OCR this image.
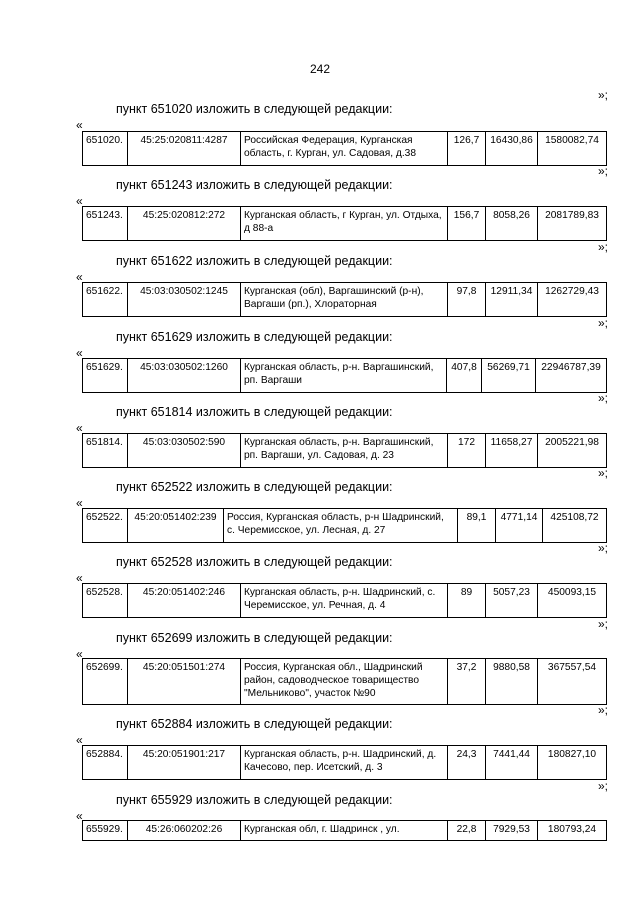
242
»;
пункт 651020 изложить в следующей редакции:
«
651020.	45:25:020811:4287	Российская Федерация, Курганская область, г. Курган, ул. Садовая, д.38	126,7	16430,86	1580082,74
»;
пункт 651243 изложить в следующей редакции:
«
651243.	45:25:020812:272	Курганская область, г Курган, ул. Отдыха, д 88-а	156,7	8058,26	2081789,83
»;
пункт 651622 изложить в следующей редакции:
«
651622.	45:03:030502:1245	Курганская (обл), Варгашинский (р-н), Варгаши (рп.), Хлораторная	97,8	12911,34	1262729,43
»;
пункт 651629 изложить в следующей редакции:
«
651629.	45:03:030502:1260	Курганская область, р-н. Варгашинский, рп. Варгаши	407,8	56269,71	22946787,39
»;
пункт 651814 изложить в следующей редакции:
«
651814.	45:03:030502:590	Курганская область, р-н. Варгашинский, рп. Варгаши, ул. Садовая, д. 23	172	11658,27	2005221,98
»;
пункт 652522 изложить в следующей редакции:
«
652522.	45:20:051402:239	Россия, Курганская область, р-н Шадринский, с. Черемисское, ул. Лесная, д. 27	89,1	4771,14	425108,72
»;
пункт 652528 изложить в следующей редакции:
«
652528.	45:20:051402:246	Курганская область, р-н. Шадринский, с. Черемисское, ул. Речная, д. 4	89	5057,23	450093,15
»;
пункт 652699 изложить в следующей редакции:
«
652699.	45:20:051501:274	Россия, Курганская обл., Шадринский район, садоводческое товарищество "Мельниково", участок №90	37,2	9880,58	367557,54
»;
пункт 652884 изложить в следующей редакции:
«
652884.	45:20:051901:217	Курганская область, р-н. Шадринский, д. Качесово, пер. Исетский, д. 3	24,3	7441,44	180827,10
»;
пункт 655929 изложить в следующей редакции:
«
655929.	45:26:060202:26	Курганская обл, г. Шадринск , ул.	22,8	7929,53	180793,24
